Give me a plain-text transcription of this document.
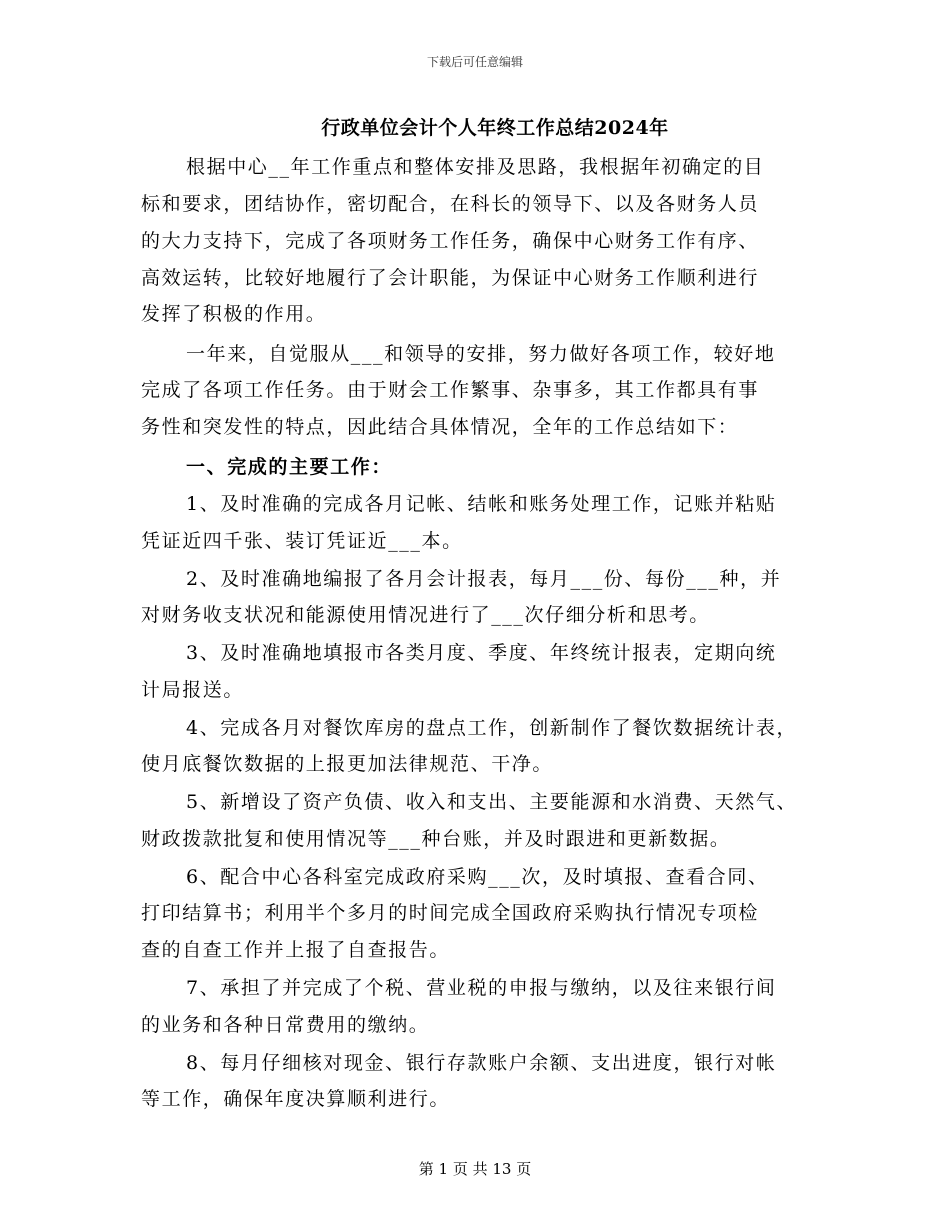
下载后可任意编辑
行政单位会计个人年终工作总结2024年
根据中心__年工作重点和整体安排及思路，我根据年初确定的目
标和要求，团结协作，密切配合，在科长的领导下、以及各财务人员
的大力支持下，完成了各项财务工作任务，确保中心财务工作有序、
高效运转，比较好地履行了会计职能，为保证中心财务工作顺利进行
发挥了积极的作用。
一年来，自觉服从___和领导的安排，努力做好各项工作，较好地
完成了各项工作任务。由于财会工作繁事、杂事多，其工作都具有事
务性和突发性的特点，因此结合具体情况，全年的工作总结如下：
一、完成的主要工作：
1、及时准确的完成各月记帐、结帐和账务处理工作，记账并粘贴
凭证近四千张、装订凭证近___本。
2、及时准确地编报了各月会计报表，每月___份、每份___种，并
对财务收支状况和能源使用情况进行了___次仔细分析和思考。
3、及时准确地填报市各类月度、季度、年终统计报表，定期向统
计局报送。
4、完成各月对餐饮库房的盘点工作，创新制作了餐饮数据统计表，
使月底餐饮数据的上报更加法律规范、干净。
5、新增设了资产负债、收入和支出、主要能源和水消费、天然气、
财政拨款批复和使用情况等___种台账，并及时跟进和更新数据。
6、配合中心各科室完成政府采购___次，及时填报、查看合同、
打印结算书；利用半个多月的时间完成全国政府采购执行情况专项检
查的自查工作并上报了自查报告。
7、承担了并完成了个税、营业税的申报与缴纳，以及往来银行间
的业务和各种日常费用的缴纳。
8、每月仔细核对现金、银行存款账户余额、支出进度，银行对帐
等工作，确保年度决算顺利进行。
第 1 页 共 13 页
